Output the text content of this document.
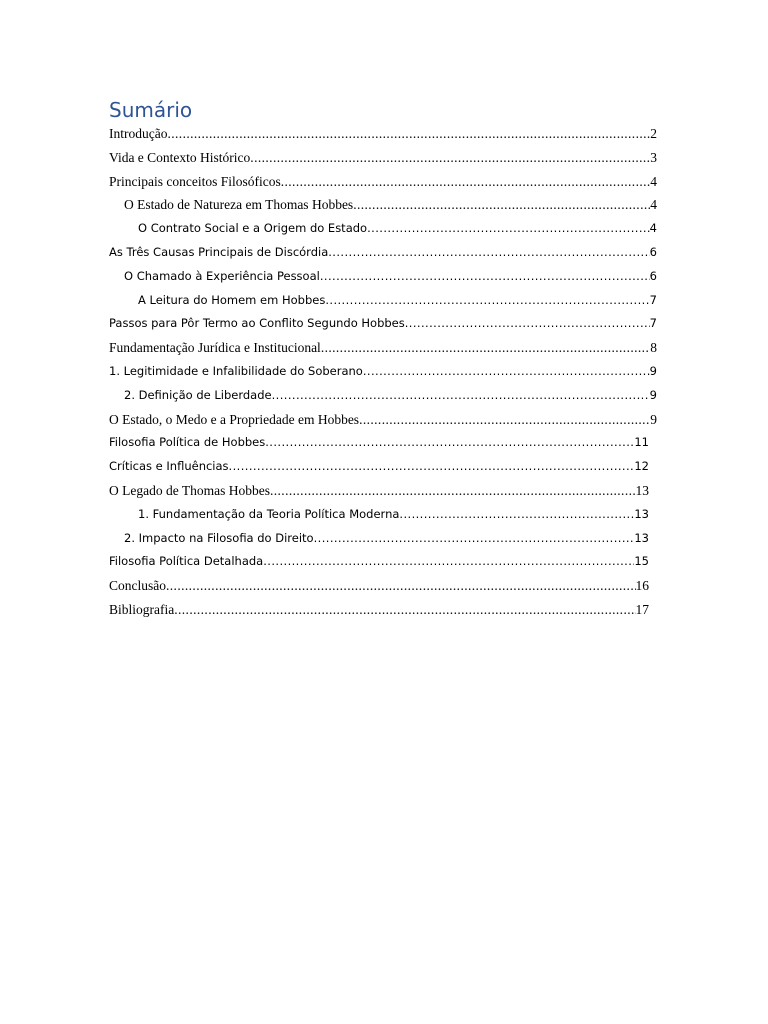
Sumário
Introdução .....	2
Vida e Contexto Histórico .....	3
Principais conceitos Filosóficos .....	4
O Estado de Natureza em Thomas Hobbes .....	4
O Contrato Social e a Origem do Estado .....	4
As Três Causas Principais de Discórdia .....	6
O Chamado à Experiência Pessoal .....	6
A Leitura do Homem em Hobbes .....	7
Passos para Pôr Termo ao Conflito Segundo Hobbes .....	7
Fundamentação Jurídica e Institucional .....	8
1. Legitimidade e Infalibilidade do Soberano .....	9
2. Definição de Liberdade .....	9
O Estado, o Medo e a Propriedade em Hobbes .....	9
Filosofia Política de Hobbes .....	11
Críticas e Influências .....	12
O Legado de Thomas Hobbes .....	13
1. Fundamentação da Teoria Política Moderna .....	13
2. Impacto na Filosofia do Direito .....	13
Filosofia Política Detalhada .....	15
Conclusão .....	16
Bibliografia .....	17
